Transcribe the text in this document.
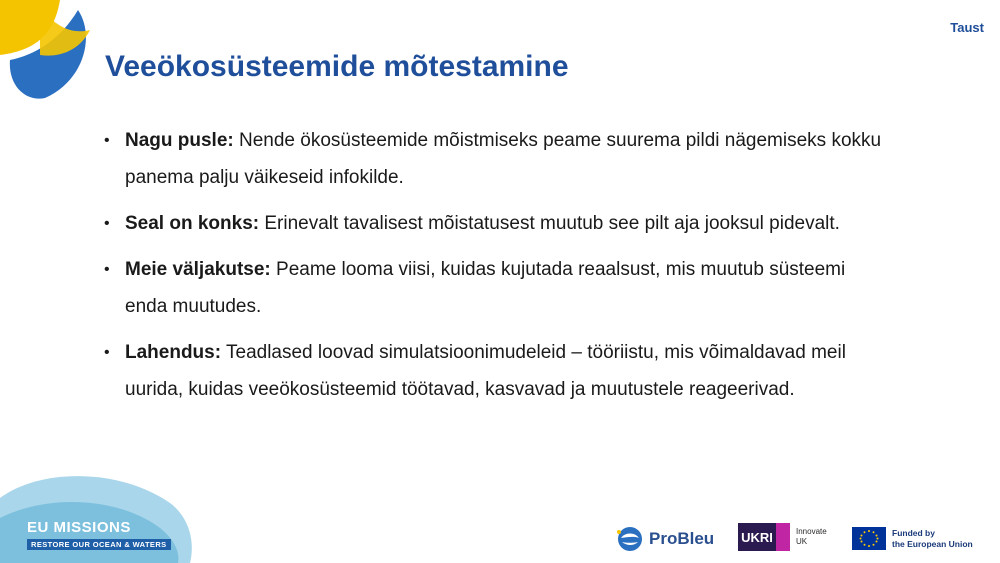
Taust
Veeökosüsteemide mõtestamine
• Nagu pusle: Nende ökosüsteemide mõistmiseks peame suurema pildi nägemiseks kokku panema palju väikeseid infokilde.
• Seal on konks: Erinevalt tavalisest mõistatusest muutub see pilt aja jooksul pidevalt.
• Meie väljakutse: Peame looma viisi, kuidas kujutada reaalsust, mis muutub süsteemi enda muutudes.
• Lahendus: Teadlased loovad simulatsioonimudeleid – tööriistu, mis võimaldavad meil uurida, kuidas veeökosüsteemid töötavad, kasvavad ja muutustele reageerivad.
EU MISSIONS
RESTORE OUR OCEAN & WATERS	ProBleu UKRI	Innovate
UK
Funded by
the European Union
